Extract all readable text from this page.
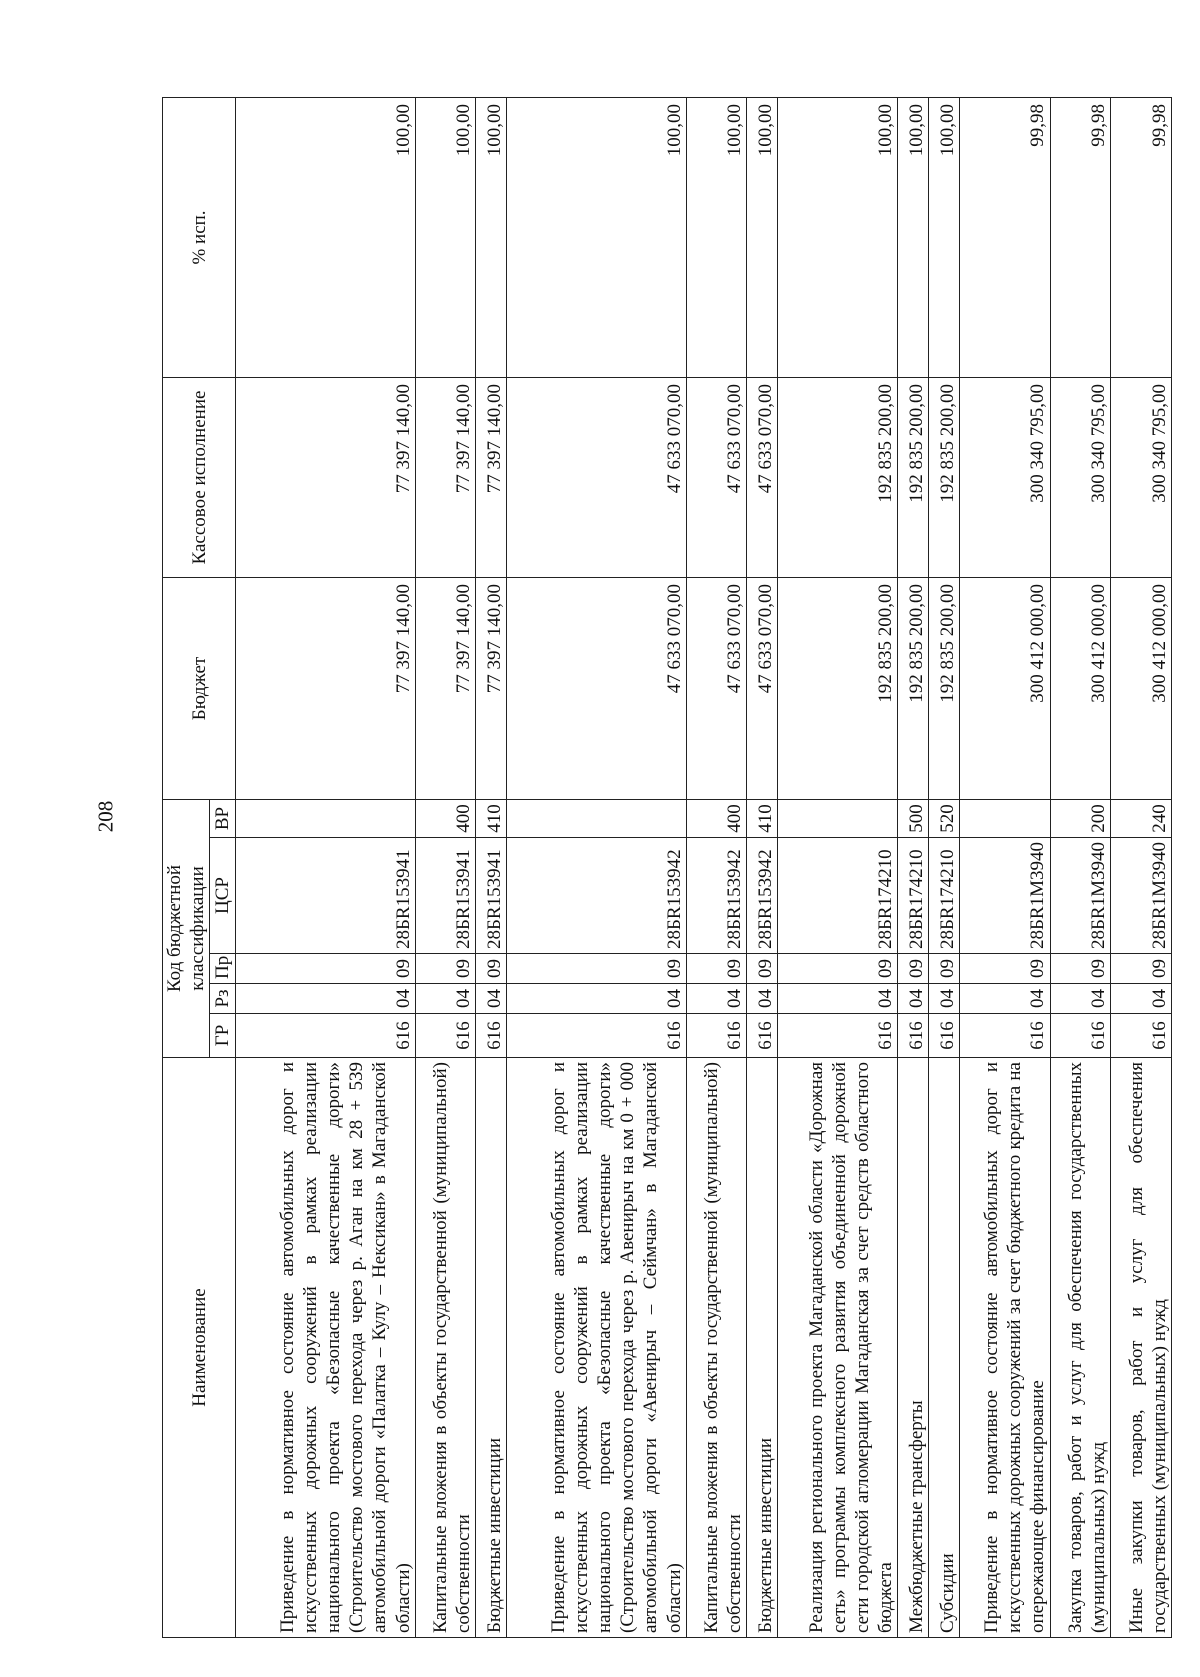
208
Наименование	Код бюджетной классификации					Бюджет	Кассовое исполнение	% исп.
	ГР	Рз	Пр	ЦСР	ВР			
Приведение в нормативное состояние автомобильных дорог и искусственных дорожных сооружений в рамках реализации национального проекта «Безопасные качественные дороги» (Строительство мостового перехода через р. Аган на км 28 + 539 автомобильной дороги «Палатка – Кулу – Нексикан» в Магаданской области)	616	04	09	28БR153941		77 397 140,00	77 397 140,00	100,00
Капитальные вложения в объекты государственной (муниципальной) собственности	616	04	09	28БR153941	400	77 397 140,00	77 397 140,00	100,00
Бюджетные инвестиции	616	04	09	28БR153941	410	77 397 140,00	77 397 140,00	100,00
Приведение в нормативное состояние автомобильных дорог и искусственных дорожных сооружений в рамках реализации национального проекта «Безопасные качественные дороги» (Строительство мостового перехода через р. Авенирыч на км 0 + 000 автомобильной дороги «Авенирыч – Сеймчан» в Магаданской области)	616	04	09	28БR153942		47 633 070,00	47 633 070,00	100,00
Капитальные вложения в объекты государственной (муниципальной) собственности	616	04	09	28БR153942	400	47 633 070,00	47 633 070,00	100,00
Бюджетные инвестиции	616	04	09	28БR153942	410	47 633 070,00	47 633 070,00	100,00
Реализация регионального проекта Магаданской области «Дорожная сеть» программы комплексного развития объединенной дорожной сети городской агломерации Магаданская за счет средств областного бюджета	616	04	09	28БR174210		192 835 200,00	192 835 200,00	100,00
Межбюджетные трансферты	616	04	09	28БR174210	500	192 835 200,00	192 835 200,00	100,00
Субсидии	616	04	09	28БR174210	520	192 835 200,00	192 835 200,00	100,00
Приведение в нормативное состояние автомобильных дорог и искусственных дорожных сооружений за счет бюджетного кредита на опережающее финансирование	616	04	09	28БR1М3940		300 412 000,00	300 340 795,00	99,98
Закупка товаров, работ и услуг для обеспечения государственных (муниципальных) нужд	616	04	09	28БR1М3940	200	300 412 000,00	300 340 795,00	99,98
Иные закупки товаров, работ и услуг для обеспечения государственных (муниципальных) нужд	616	04	09	28БR1М3940	240	300 412 000,00	300 340 795,00	99,98
